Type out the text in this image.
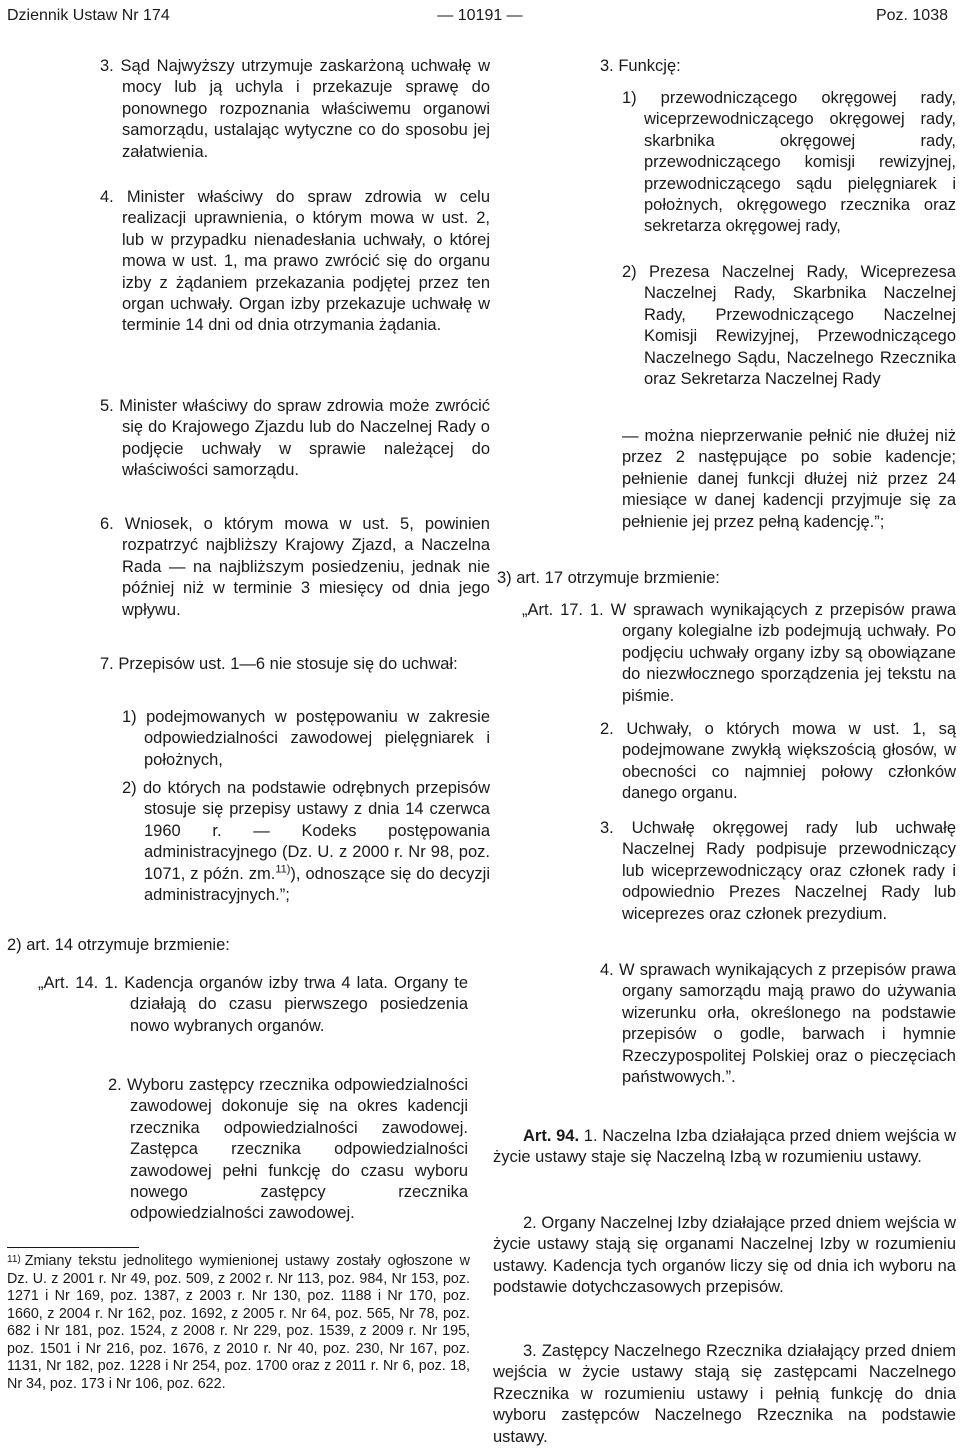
Dziennik Ustaw Nr 174	— 10191 —	Poz. 1038

3. Sąd Najwyższy utrzymuje zaskarżoną uchwałę w mocy lub ją uchyla i przekazuje sprawę do ponownego rozpoznania właściwemu organowi samorządu, ustalając wytyczne co do sposobu jej załatwienia.

4. Minister właściwy do spraw zdrowia w celu realizacji uprawnienia, o którym mowa w ust. 2, lub w przypadku nienadesłania uchwały, o której mowa w ust. 1, ma prawo zwrócić się do organu izby z żądaniem przekazania podjętej przez ten organ uchwały. Organ izby przekazuje uchwałę w terminie 14 dni od dnia otrzymania żądania.

5. Minister właściwy do spraw zdrowia może zwrócić się do Krajowego Zjazdu lub do Naczelnej Rady o podjęcie uchwały w sprawie należącej do właściwości samorządu.

6. Wniosek, o którym mowa w ust. 5, powinien rozpatrzyć najbliższy Krajowy Zjazd, a Naczelna Rada — na najbliższym posiedzeniu, jednak nie później niż w terminie 3 miesięcy od dnia jego wpływu.

7. Przepisów ust. 1—6 nie stosuje się do uchwał:

1) podejmowanych w postępowaniu w zakresie odpowiedzialności zawodowej pielęgniarek i położnych,

2) do których na podstawie odrębnych przepisów stosuje się przepisy ustawy z dnia 14 czerwca 1960 r. — Kodeks postępowania administracyjnego (Dz. U. z 2000 r. Nr 98, poz. 1071, z późn. zm.$^{11)}$), odnoszące się do decyzji administracyjnych.”;

2) art. 14 otrzymuje brzmienie:

„Art. 14. 1. Kadencja organów izby trwa 4 lata. Organy te działają do czasu pierwszego posiedzenia nowo wybranych organów.

2. Wyboru zastępcy rzecznika odpowiedzialności zawodowej dokonuje się na okres kadencji rzecznika odpowiedzialności zawodowej. Zastępca rzecznika odpowiedzialności zawodowej pełni funkcję do czasu wyboru nowego zastępcy rzecznika odpowiedzialności zawodowej.

$^{11)}$ Zmiany tekstu jednolitego wymienionej ustawy zostały ogłoszone w Dz. U. z 2001 r. Nr 49, poz. 509, z 2002 r. Nr 113, poz. 984, Nr 153, poz. 1271 i Nr 169, poz. 1387, z 2003 r. Nr 130, poz. 1188 i Nr 170, poz. 1660, z 2004 r. Nr 162, poz. 1692, z 2005 r. Nr 64, poz. 565, Nr 78, poz. 682 i Nr 181, poz. 1524, z 2008 r. Nr 229, poz. 1539, z 2009 r. Nr 195, poz. 1501 i Nr 216, poz. 1676, z 2010 r. Nr 40, poz. 230, Nr 167, poz. 1131, Nr 182, poz. 1228 i Nr 254, poz. 1700 oraz z 2011 r. Nr 6, poz. 18, Nr 34, poz. 173 i Nr 106, poz. 622.

3. Funkcję:

1) przewodniczącego okręgowej rady, wiceprzewodniczącego okręgowej rady, skarbnika okręgowej rady, przewodniczącego komisji rewizyjnej, przewodniczącego sądu pielęgniarek i położnych, okręgowego rzecznika oraz sekretarza okręgowej rady,

2) Prezesa Naczelnej Rady, Wiceprezesa Naczelnej Rady, Skarbnika Naczelnej Rady, Przewodniczącego Naczelnej Komisji Rewizyjnej, Przewodniczącego Naczelnego Sądu, Naczelnego Rzecznika oraz Sekretarza Naczelnej Rady

— można nieprzerwanie pełnić nie dłużej niż przez 2 następujące po sobie kadencje; pełnienie danej funkcji dłużej niż przez 24 miesiące w danej kadencji przyjmuje się za pełnienie jej przez pełną kadencję.”;

3) art. 17 otrzymuje brzmienie:

„Art. 17. 1. W sprawach wynikających z przepisów prawa organy kolegialne izb podejmują uchwały. Po podjęciu uchwały organy izby są obowiązane do niezwłocznego sporządzenia jej tekstu na piśmie.

2. Uchwały, o których mowa w ust. 1, są podejmowane zwykłą większością głosów, w obecności co najmniej połowy członków danego organu.

3. Uchwałę okręgowej rady lub uchwałę Naczelnej Rady podpisuje przewodniczący lub wiceprzewodniczący oraz członek rady i odpowiednio Prezes Naczelnej Rady lub wiceprezes oraz członek prezydium.

4. W sprawach wynikających z przepisów prawa organy samorządu mają prawo do używania wizerunku orła, określonego na podstawie przepisów o godle, barwach i hymnie Rzeczypospolitej Polskiej oraz o pieczęciach państwowych.”.

Art. 94. 1. Naczelna Izba działająca przed dniem wejścia w życie ustawy staje się Naczelną Izbą w rozumieniu ustawy.

2. Organy Naczelnej Izby działające przed dniem wejścia w życie ustawy stają się organami Naczelnej Izby w rozumieniu ustawy. Kadencja tych organów liczy się od dnia ich wyboru na podstawie dotychczasowych przepisów.

3. Zastępcy Naczelnego Rzecznika działający przed dniem wejścia w życie ustawy stają się zastępcami Naczelnego Rzecznika w rozumieniu ustawy i pełnią funkcję do dnia wyboru zastępców Naczelnego Rzecznika na podstawie ustawy.
